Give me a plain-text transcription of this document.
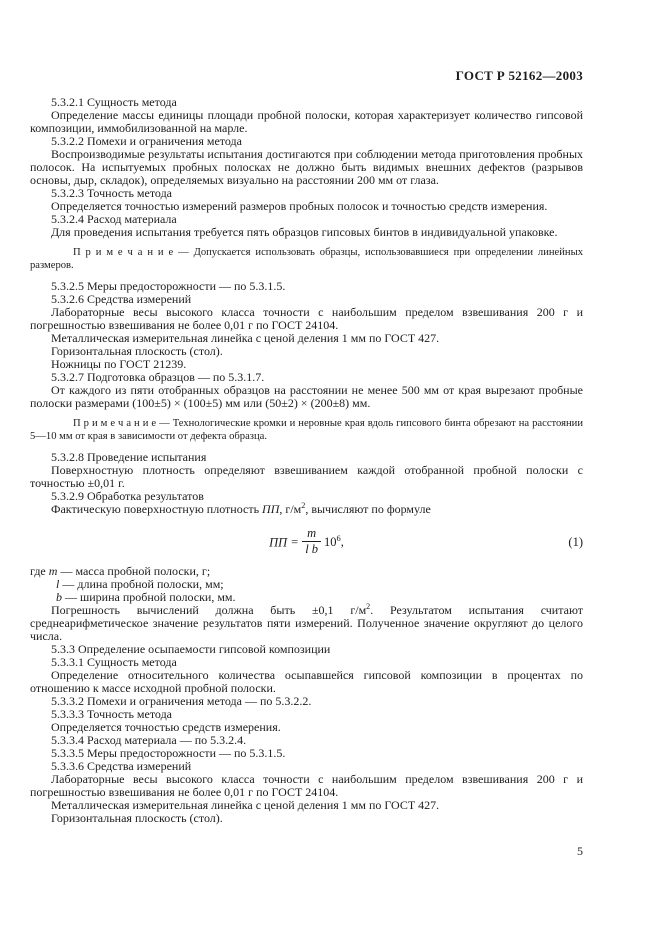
ГОСТ Р 52162—2003

5.3.2.1 Сущность метода

Определение массы единицы площади пробной полоски, которая характеризует количество гипсовой композиции, иммобилизованной на марле.

5.3.2.2 Помехи и ограничения метода

Воспроизводимые результаты испытания достигаются при соблюдении метода приготовления пробных полосок. На испытуемых пробных полосках не должно быть видимых внешних дефектов (разрывов основы, дыр, складок), определяемых визуально на расстоянии 200 мм от глаза.

5.3.2.3 Точность метода

Определяется точностью измерений размеров пробных полосок и точностью средств измерения.

5.3.2.4 Расход материала

Для проведения испытания требуется пять образцов гипсовых бинтов в индивидуальной упаковке.

П р и м е ч а н и е — Допускается использовать образцы, использовавшиеся при определении линейных размеров.

5.3.2.5 Меры предосторожности — по 5.3.1.5.

5.3.2.6 Средства измерений

Лабораторные весы высокого класса точности с наибольшим пределом взвешивания 200 г и погрешностью взвешивания не более 0,01 г по ГОСТ 24104.

Металлическая измерительная линейка с ценой деления 1 мм по ГОСТ 427.

Горизонтальная плоскость (стол).

Ножницы по ГОСТ 21239.

5.3.2.7 Подготовка образцов — по 5.3.1.7.

От каждого из пяти отобранных образцов на расстоянии не менее 500 мм от края вырезают пробные полоски размерами (100±5) × (100±5) мм или (50±2) × (200±8) мм.

П р и м е ч а н и е — Технологические кромки и неровные края вдоль гипсового бинта обрезают на расстоянии 5—10 мм от края в зависимости от дефекта образца.

5.3.2.8 Проведение испытания

Поверхностную плотность определяют взвешиванием каждой отобранной пробной полоски с точностью ±0,01 г.

5.3.2.9 Обработка результатов

Фактическую поверхностную плотность ПП, $г/м^2$, вычисляют по формуле

ПП = $\frac{m}{\text{l b}} 10^6$,	(1)
где m — масса пробной полоски, г;
l — длина пробной полоски, мм;
b — ширина пробной полоски, мм.

Погрешность вычислений должна быть ±0,1 $г/м^2$. Результатом испытания считают среднеарифметическое значение результатов пяти измерений. Полученное значение округляют до целого числа.

5.3.3 Определение осыпаемости гипсовой композиции

5.3.3.1 Сущность метода

Определение относительного количества осыпавшейся гипсовой композиции в процентах по отношению к массе исходной пробной полоски.

5.3.3.2 Помехи и ограничения метода — по 5.3.2.2.

5.3.3.3 Точность метода

Определяется точностью средств измерения.

5.3.3.4 Расход материала — по 5.3.2.4.

5.3.3.5 Меры предосторожности — по 5.3.1.5.

5.3.3.6 Средства измерений

Лабораторные весы высокого класса точности с наибольшим пределом взвешивания 200 г и погрешностью взвешивания не более 0,01 г по ГОСТ 24104.

Металлическая измерительная линейка с ценой деления 1 мм по ГОСТ 427.

Горизонтальная плоскость (стол).

5
